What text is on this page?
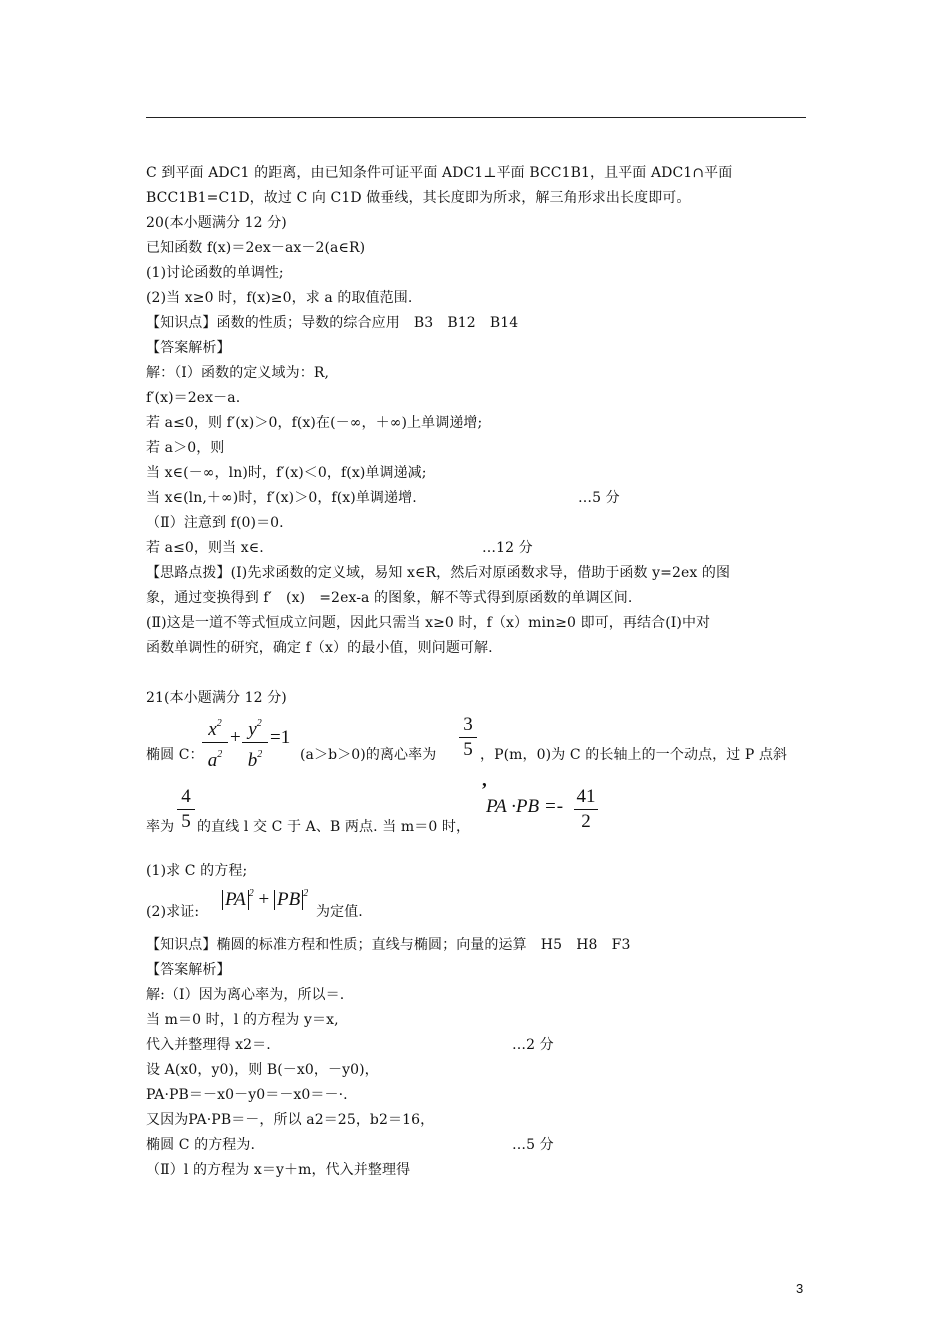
C 到平面 ADC1 的距离，由已知条件可证平面 ADC1⊥平面 BCC1B1，且平面 ADC1∩平面
BCC1B1=C1D，故过 C 向 C1D 做垂线，其长度即为所求，解三角形求出长度即可。
20(本小题满分 12 分)
已知函数 f(x)＝2ex－ax－2(a∈R)
(1)讨论函数的单调性;
(2)当 x≥0 时，f(x)≥0，求 a 的取值范围.
【知识点】函数的性质；导数的综合应用　B3　B12　B14
【答案解析】
解：（Ⅰ）函数的定义域为：R,
f′(x)＝2ex－a.
若 a≤0，则 f′(x)＞0，f(x)在(－∞，＋∞)上单调递增;
若 a＞0，则
当 x∈(－∞，ln)时，f′(x)＜0，f(x)单调递减;
当 x∈(ln,＋∞)时，f′(x)＞0，f(x)单调递增.	…5 分
（Ⅱ）注意到 f(0)＝0.
若 a≤0，则当 x∈.	…12 分
【思路点拨】(Ⅰ)先求函数的定义域，易知 x∈R，然后对原函数求导，借助于函数 y=2ex 的图
象，通过变换得到 f′　(x)　=2ex-a 的图象，解不等式得到原函数的单调区间.
(Ⅱ)这是一道不等式恒成立问题，因此只需当 x≥0 时，f（x）min≥0 即可，再结合(Ⅰ)中对
函数单调性的研究，确定 f（x）的最小值，则问题可解.
21(本小题满分 12 分)
$x^2$
$a^2$
+ $y^2$
$b^2$
=1
椭圆 C：	(a＞b＞0)的离心率为
3
5 ，P(m，0)为 C 的长轴上的一个动点，过 P 点斜
,
率为
4
5 的直线 l 交 C 于 A、B 两点. 当 m＝0 时，
PA ·PB =- 41
2
(1)求 C 的方程;
(2)求证:
PA $^2$ + PB $^2$
为定值.
【知识点】椭圆的标准方程和性质；直线与椭圆；向量的运算　H5　H8　F3
【答案解析】
解:（Ⅰ）因为离心率为，所以＝.
当 m＝0 时，l 的方程为 y＝x,
代入并整理得 x2＝.	…2 分
设 A(x0，y0)，则 B(－x0，－y0)，
PA·PB＝－x0－y0＝－x0＝－·.
又因为PA·PB＝－，所以 a2＝25，b2＝16，
椭圆 C 的方程为.	…5 分
（Ⅱ）l 的方程为 x＝y＋m，代入并整理得
3
